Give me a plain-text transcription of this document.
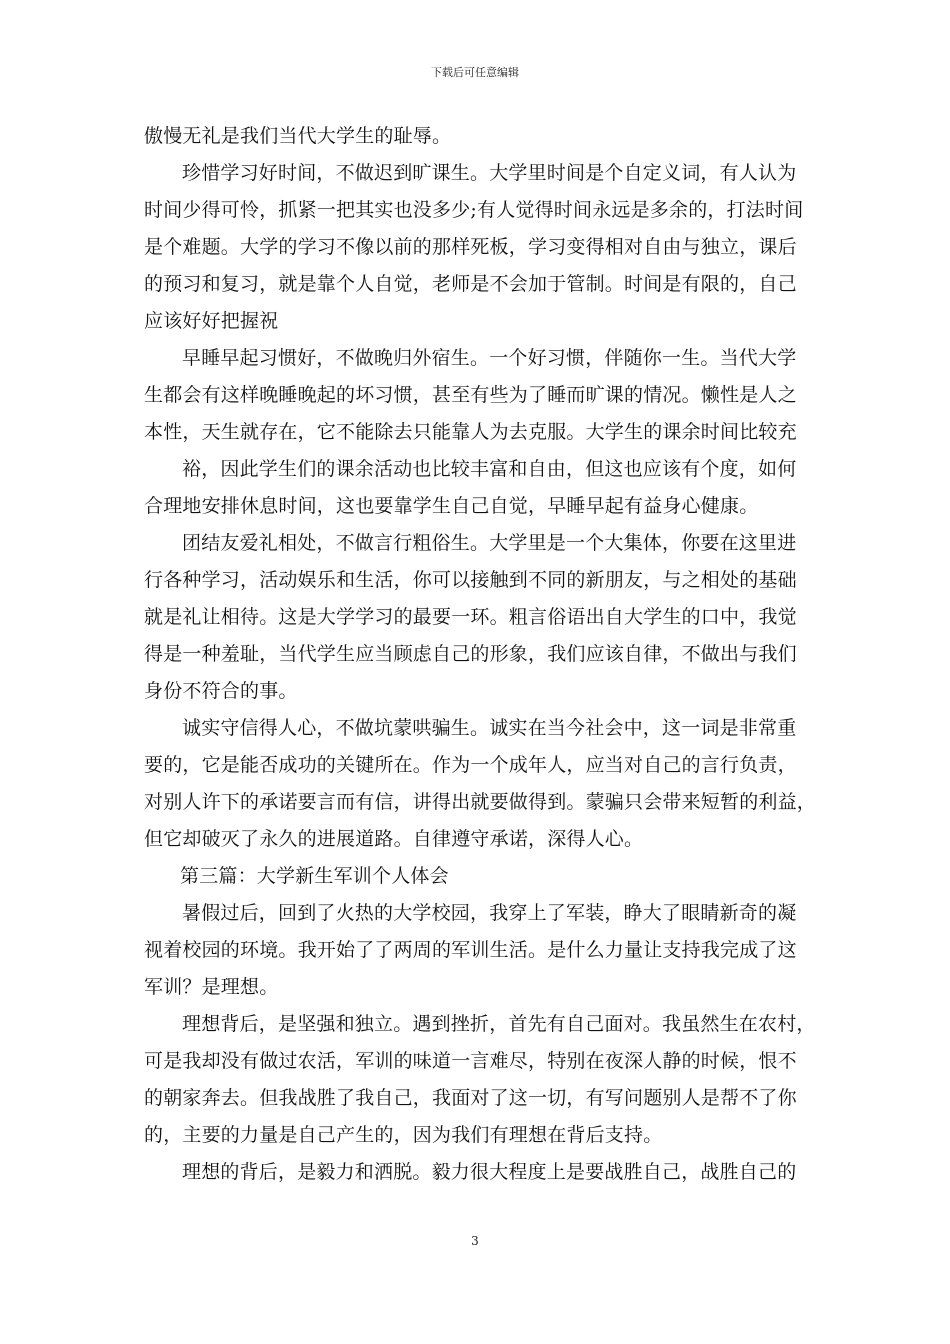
下载后可任意编辑
傲慢无礼是我们当代大学生的耻辱。
珍惜学习好时间，不做迟到旷课生。大学里时间是个自定义词，有人认为
时间少得可怜，抓紧一把其实也没多少;有人觉得时间永远是多余的，打法时间
是个难题。大学的学习不像以前的那样死板，学习变得相对自由与独立，课后
的预习和复习，就是靠个人自觉，老师是不会加于管制。时间是有限的，自己
应该好好把握祝
早睡早起习惯好，不做晚归外宿生。一个好习惯，伴随你一生。当代大学
生都会有这样晚睡晚起的坏习惯，甚至有些为了睡而旷课的情况。懒性是人之
本性，天生就存在，它不能除去只能靠人为去克服。大学生的课余时间比较充
裕，因此学生们的课余活动也比较丰富和自由，但这也应该有个度，如何
合理地安排休息时间，这也要靠学生自己自觉，早睡早起有益身心健康。
团结友爱礼相处，不做言行粗俗生。大学里是一个大集体，你要在这里进
行各种学习，活动娱乐和生活，你可以接触到不同的新朋友，与之相处的基础
就是礼让相待。这是大学学习的最要一环。粗言俗语出自大学生的口中，我觉
得是一种羞耻，当代学生应当顾虑自己的形象，我们应该自律，不做出与我们
身份不符合的事。
诚实守信得人心，不做坑蒙哄骗生。诚实在当今社会中，这一词是非常重
要的，它是能否成功的关键所在。作为一个成年人，应当对自己的言行负责，
对别人许下的承诺要言而有信，讲得出就要做得到。蒙骗只会带来短暂的利益，
但它却破灭了永久的进展道路。自律遵守承诺，深得人心。
第三篇：大学新生军训个人体会
暑假过后，回到了火热的大学校园，我穿上了军装，睁大了眼睛新奇的凝
视着校园的环境。我开始了了两周的军训生活。是什么力量让支持我完成了这
军训？是理想。
理想背后，是坚强和独立。遇到挫折，首先有自己面对。我虽然生在农村，
可是我却没有做过农活，军训的味道一言难尽，特别在夜深人静的时候，恨不
的朝家奔去。但我战胜了我自己，我面对了这一切，有写问题别人是帮不了你
的，主要的力量是自己产生的，因为我们有理想在背后支持。
理想的背后，是毅力和洒脱。毅力很大程度上是要战胜自己，战胜自己的
3
